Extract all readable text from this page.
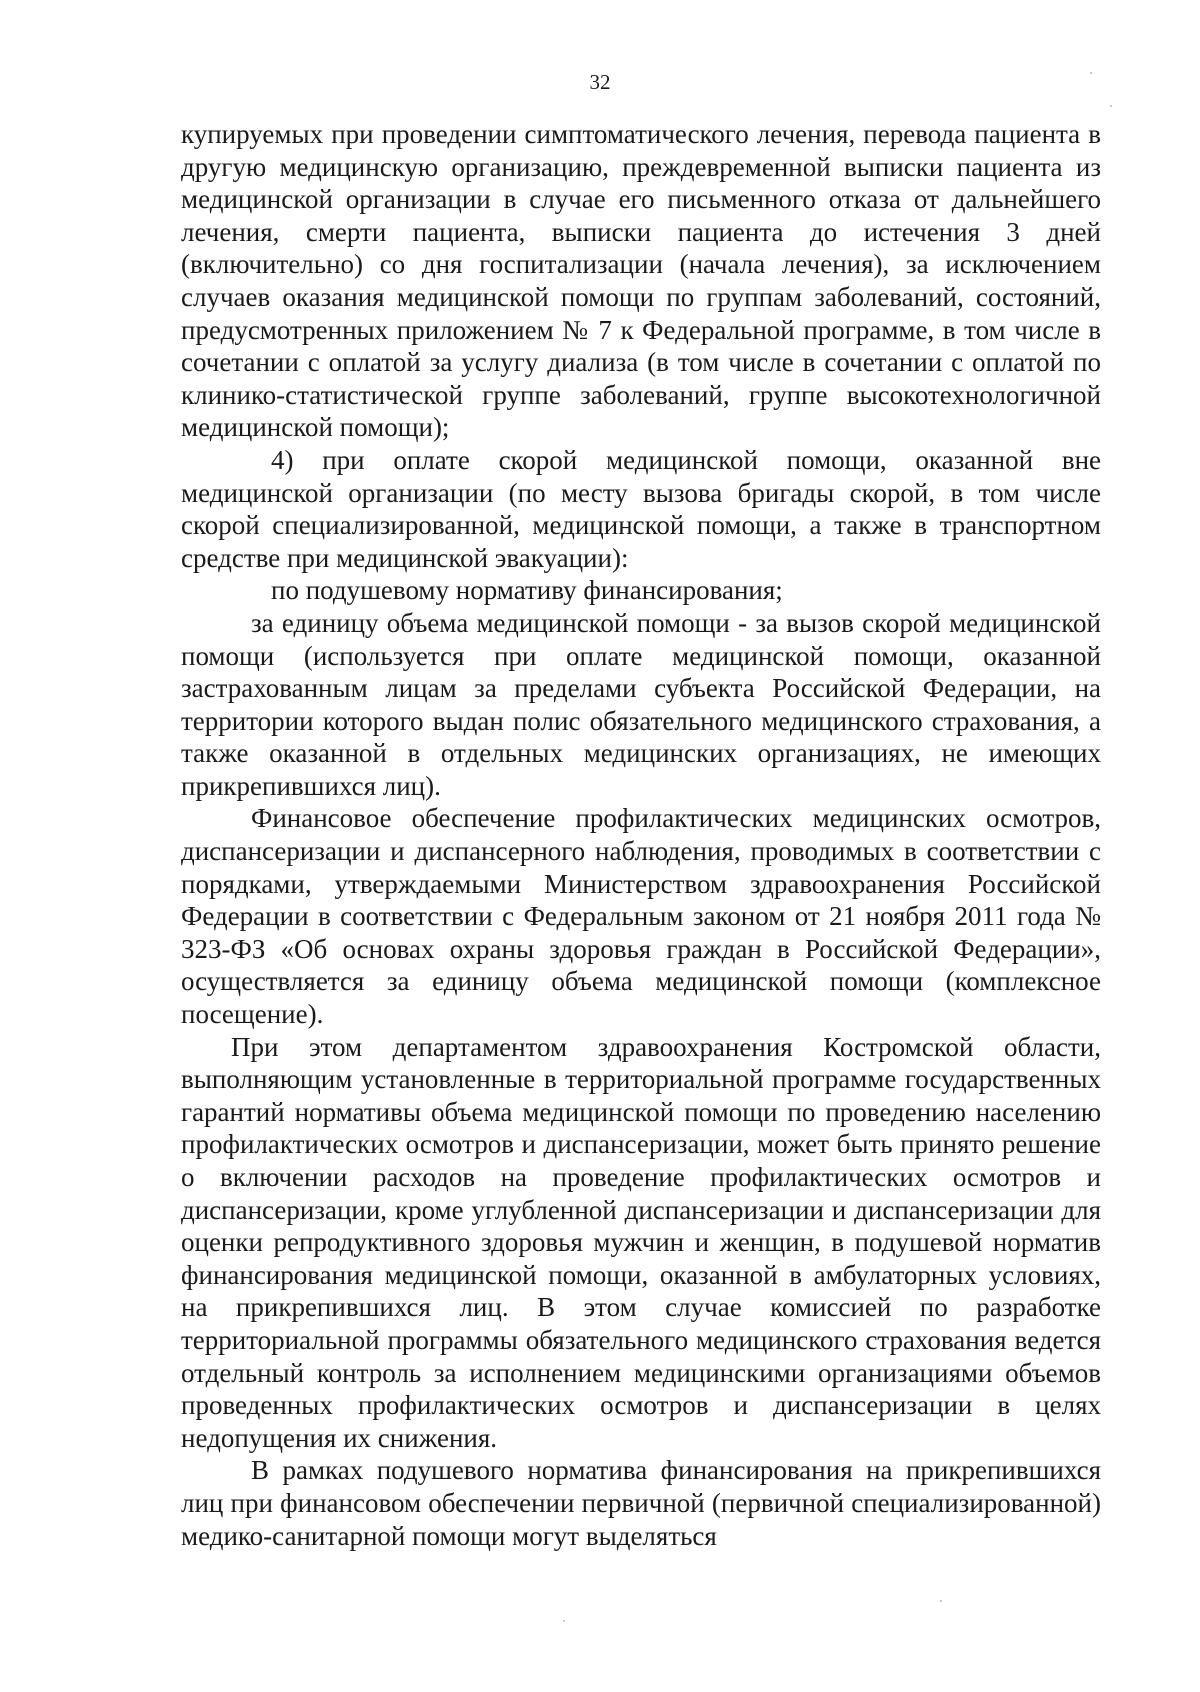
32

купируемых при проведении симптоматического лечения, перевода пациента в другую медицинскую организацию, преждевременной выписки пациента из медицинской организации в случае его письменного отказа от дальнейшего лечения, смерти пациента, выписки пациента до истечения 3 дней (включительно) со дня госпитализации (начала лечения), за исключением случаев оказания медицинской помощи по группам заболеваний, состояний, предусмотренных приложением № 7 к Федеральной программе, в том числе в сочетании с оплатой за услугу диализа (в том числе в сочетании с оплатой по клинико-статистической группе заболеваний, группе высокотехнологичной медицинской помощи);

4) при оплате скорой медицинской помощи, оказанной вне медицинской организации (по месту вызова бригады скорой, в том числе скорой специализированной, медицинской помощи, а также в транспортном средстве при медицинской эвакуации):

по подушевому нормативу финансирования;

за единицу объема медицинской помощи - за вызов скорой медицинской помощи (используется при оплате медицинской помощи, оказанной застрахованным лицам за пределами субъекта Российской Федерации, на территории которого выдан полис обязательного медицинского страхования, а также оказанной в отдельных медицинских организациях, не имеющих прикрепившихся лиц).

Финансовое обеспечение профилактических медицинских осмотров, диспансеризации и диспансерного наблюдения, проводимых в соответствии с порядками, утверждаемыми Министерством здравоохранения Российской Федерации в соответствии с Федеральным законом от 21 ноября 2011 года № 323-ФЗ «Об основах охраны здоровья граждан в Российской Федерации», осуществляется за единицу объема медицинской помощи (комплексное посещение).

При этом департаментом здравоохранения Костромской области, выполняющим установленные в территориальной программе государственных гарантий нормативы объема медицинской помощи по проведению населению профилактических осмотров и диспансеризации, может быть принято решение о включении расходов на проведение профилактических осмотров и диспансеризации, кроме углубленной диспансеризации и диспансеризации для оценки репродуктивного здоровья мужчин и женщин, в подушевой норматив финансирования медицинской помощи, оказанной в амбулаторных условиях, на прикрепившихся лиц. В этом случае комиссией по разработке территориальной программы обязательного медицинского страхования ведется отдельный контроль за исполнением медицинскими организациями объемов проведенных профилактических осмотров и диспансеризации в целях недопущения их снижения.

В рамках подушевого норматива финансирования на прикрепившихся лиц при финансовом обеспечении первичной (первичной специализированной) медико-санитарной помощи могут выделяться
